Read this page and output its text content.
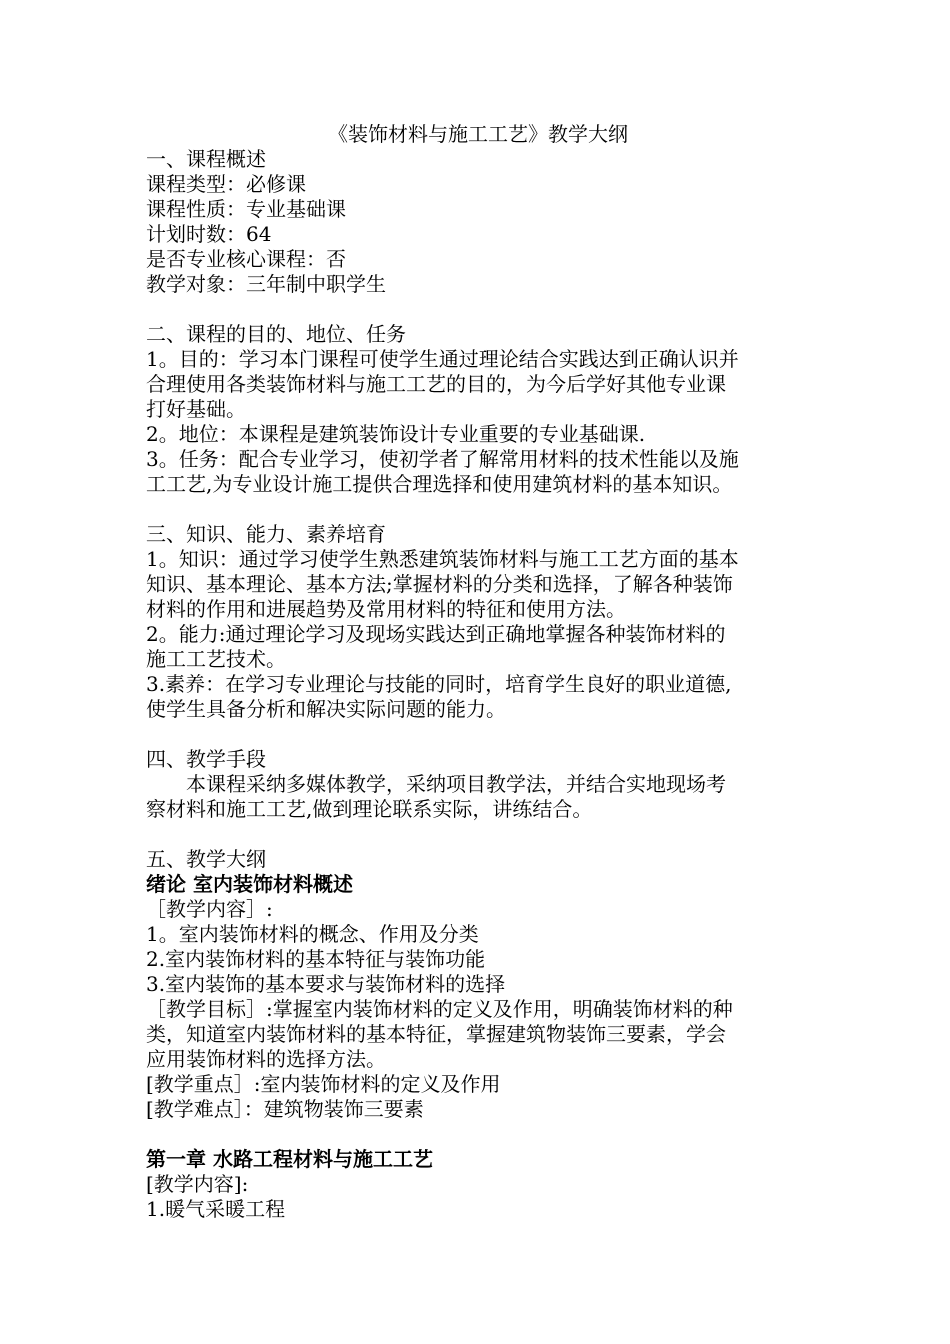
《装饰材料与施工工艺》教学大纲
一、课程概述
课程类型：必修课
课程性质：专业基础课
计划时数：64
是否专业核心课程：否
教学对象：三年制中职学生
二、课程的目的、地位、任务
1。目的：学习本门课程可使学生通过理论结合实践达到正确认识并
合理使用各类装饰材料与施工工艺的目的，为今后学好其他专业课
打好基础。
2。地位：本课程是建筑装饰设计专业重要的专业基础课.
3。任务：配合专业学习，使初学者了解常用材料的技术性能以及施
工工艺,为专业设计施工提供合理选择和使用建筑材料的基本知识。
三、知识、能力、素养培育
1。知识：通过学习使学生熟悉建筑装饰材料与施工工艺方面的基本
知识、基本理论、基本方法;掌握材料的分类和选择，了解各种装饰
材料的作用和进展趋势及常用材料的特征和使用方法。
2。能力:通过理论学习及现场实践达到正确地掌握各种装饰材料的
施工工艺技术。
3.素养：在学习专业理论与技能的同时，培育学生良好的职业道德,
使学生具备分析和解决实际问题的能力。
四、教学手段
本课程采纳多媒体教学，采纳项目教学法，并结合实地现场考
察材料和施工工艺,做到理论联系实际，讲练结合。
五、教学大纲
绪论 室内装饰材料概述
［教学内容］:
1。室内装饰材料的概念、作用及分类
2.室内装饰材料的基本特征与装饰功能
3.室内装饰的基本要求与装饰材料的选择
［教学目标］:掌握室内装饰材料的定义及作用，明确装饰材料的种
类，知道室内装饰材料的基本特征，掌握建筑物装饰三要素，学会
应用装饰材料的选择方法。
[教学重点］:室内装饰材料的定义及作用
[教学难点］：建筑物装饰三要素
第一章 水路工程材料与施工工艺
[教学内容]:
1.暖气采暖工程
